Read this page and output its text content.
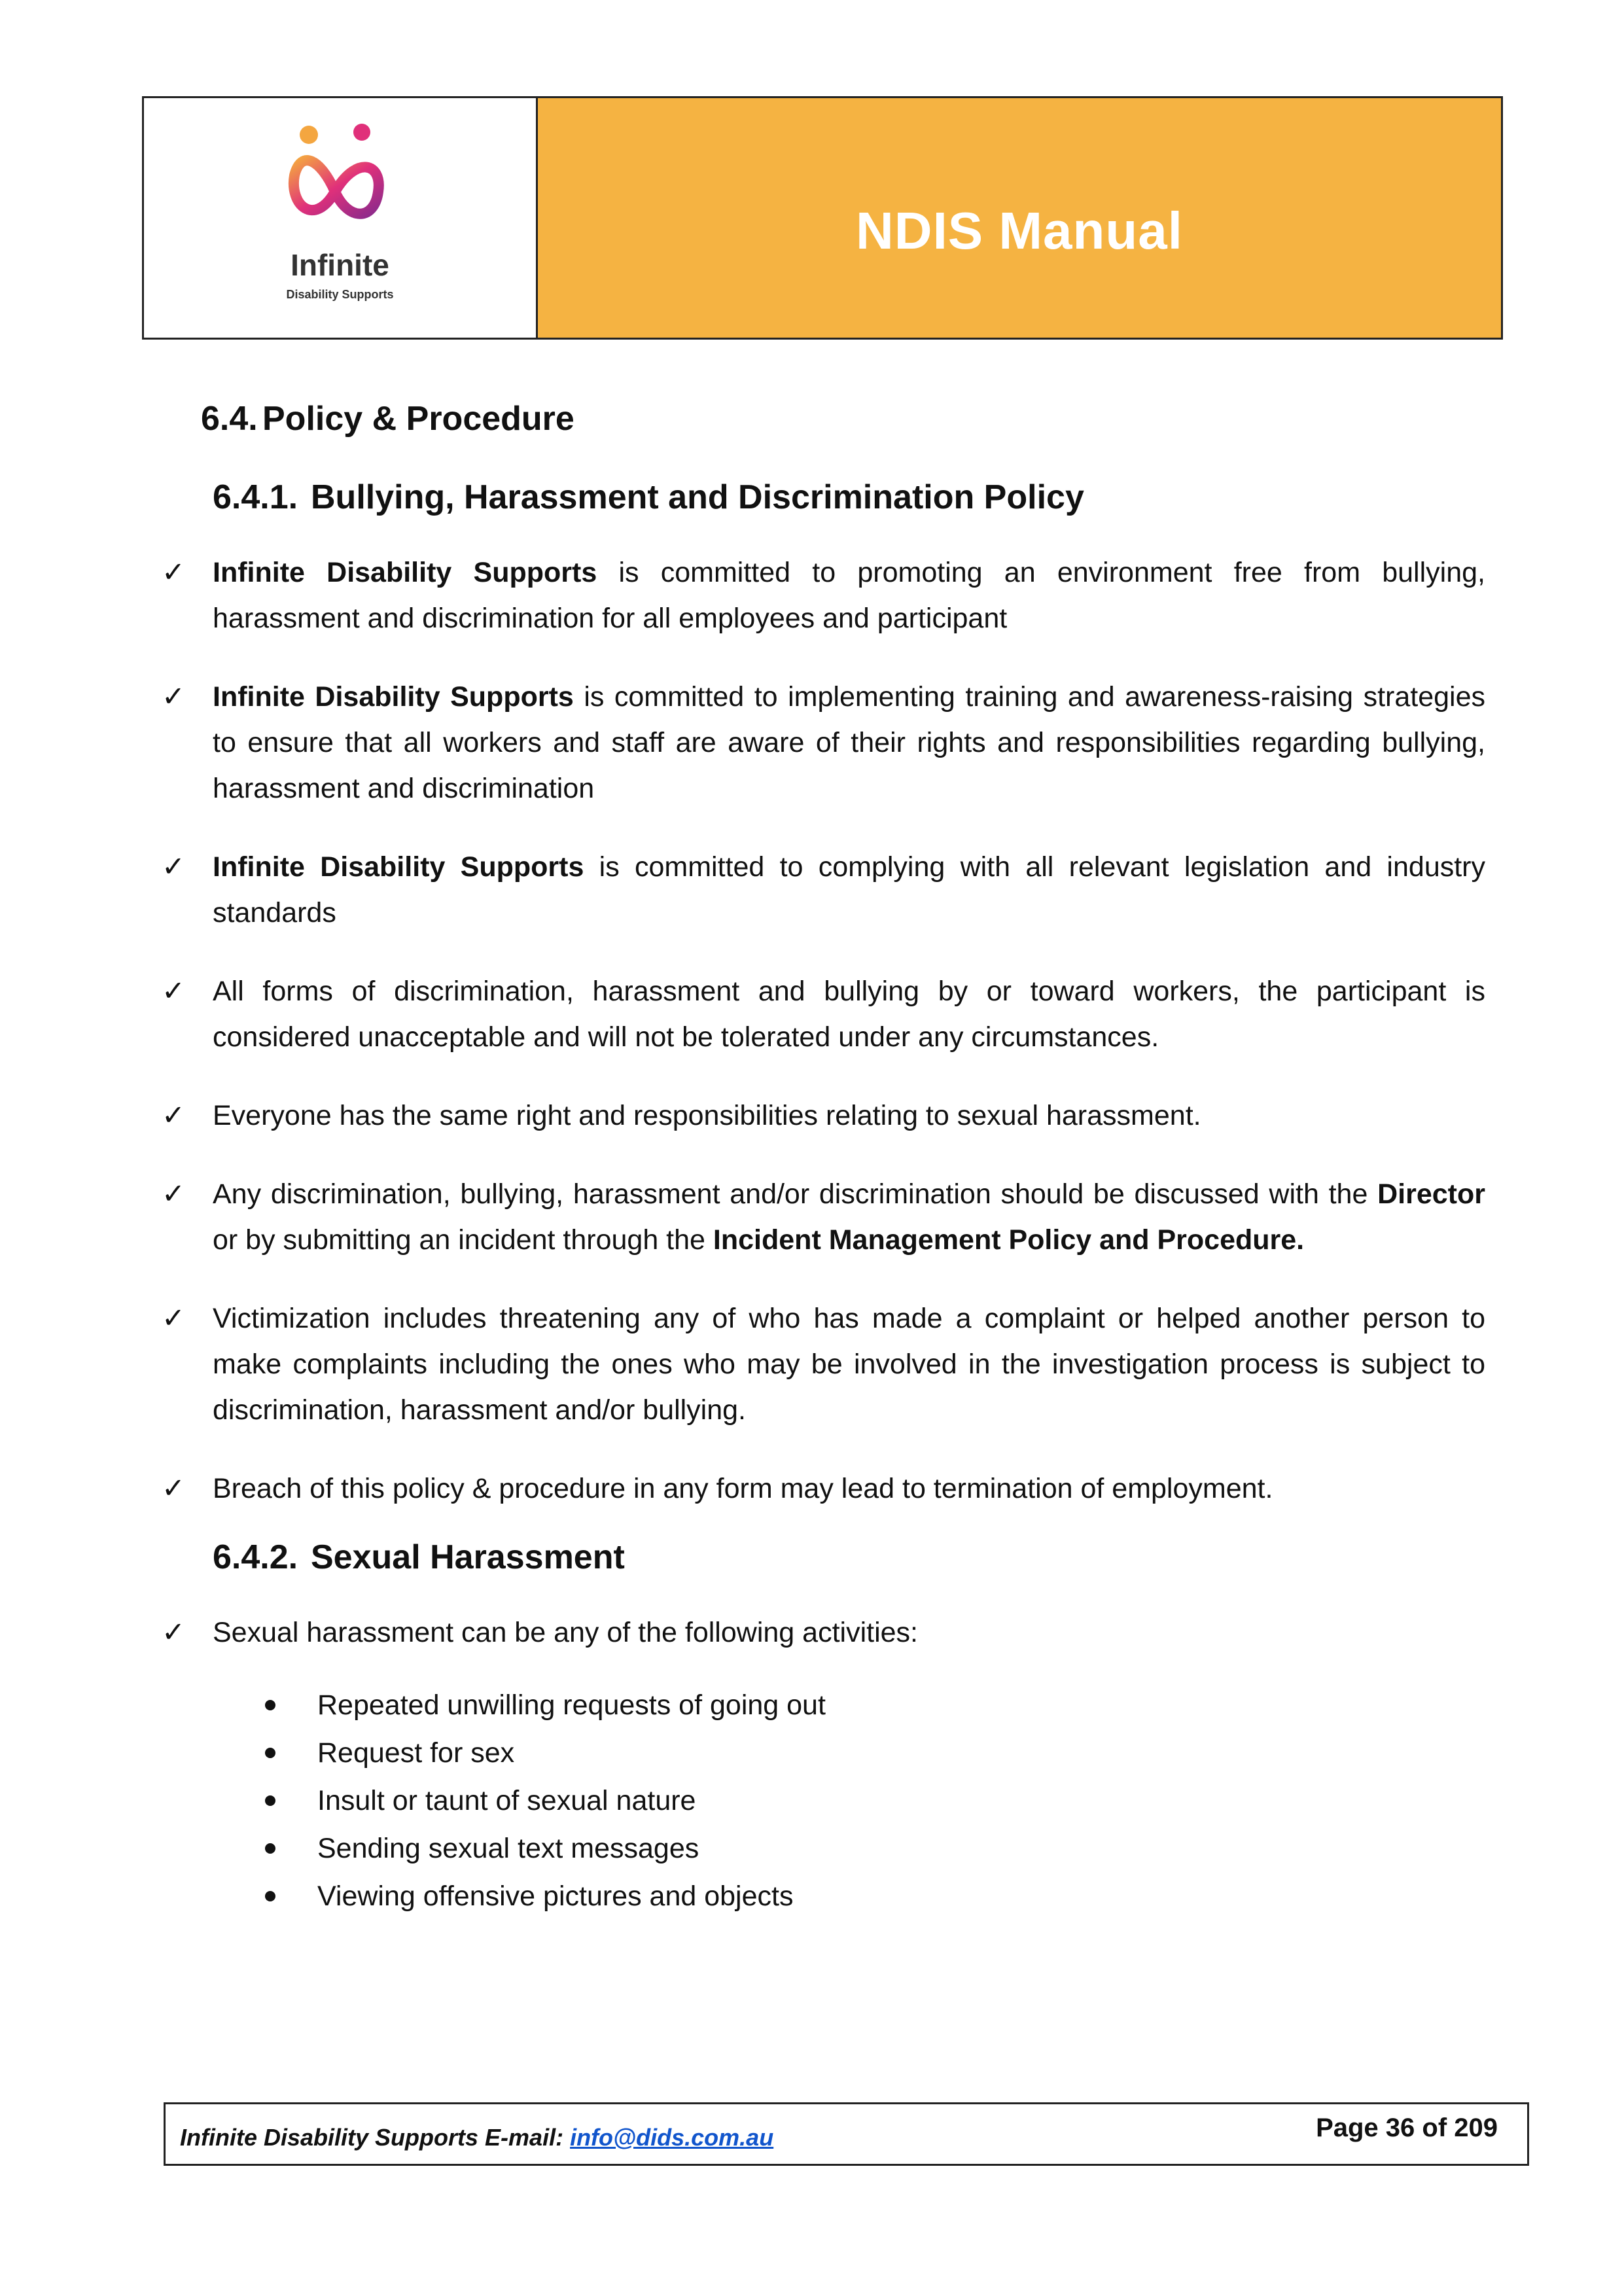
Infinite
Disability Supports
NDIS Manual
6.4. Policy & Procedure
6.4.1. Bullying, Harassment and Discrimination Policy
✓ Infinite Disability Supports is committed to promoting an environment free from bullying, harassment and discrimination for all employees and participant
✓ Infinite Disability Supports is committed to implementing training and awareness-raising strategies to ensure that all workers and staff are aware of their rights and responsibilities regarding bullying, harassment and discrimination
✓ Infinite Disability Supports is committed to complying with all relevant legislation and industry standards
✓ All forms of discrimination, harassment and bullying by or toward workers, the participant is considered unacceptable and will not be tolerated under any circumstances.
✓ Everyone has the same right and responsibilities relating to sexual harassment.
✓ Any discrimination, bullying, harassment and/or discrimination should be discussed with the Director or by submitting an incident through the Incident Management Policy and Procedure.
✓ Victimization includes threatening any of who has made a complaint or helped another person to make complaints including the ones who may be involved in the investigation process is subject to discrimination, harassment and/or bullying.
✓ Breach of this policy & procedure in any form may lead to termination of employment.
6.4.2. Sexual Harassment
✓ Sexual harassment can be any of the following activities:
Repeated unwilling requests of going out
Request for sex
Insult or taunt of sexual nature
Sending sexual text messages
Viewing offensive pictures and objects
Infinite Disability Supports E-mail: info@dids.com.au	Page 36 of 209
